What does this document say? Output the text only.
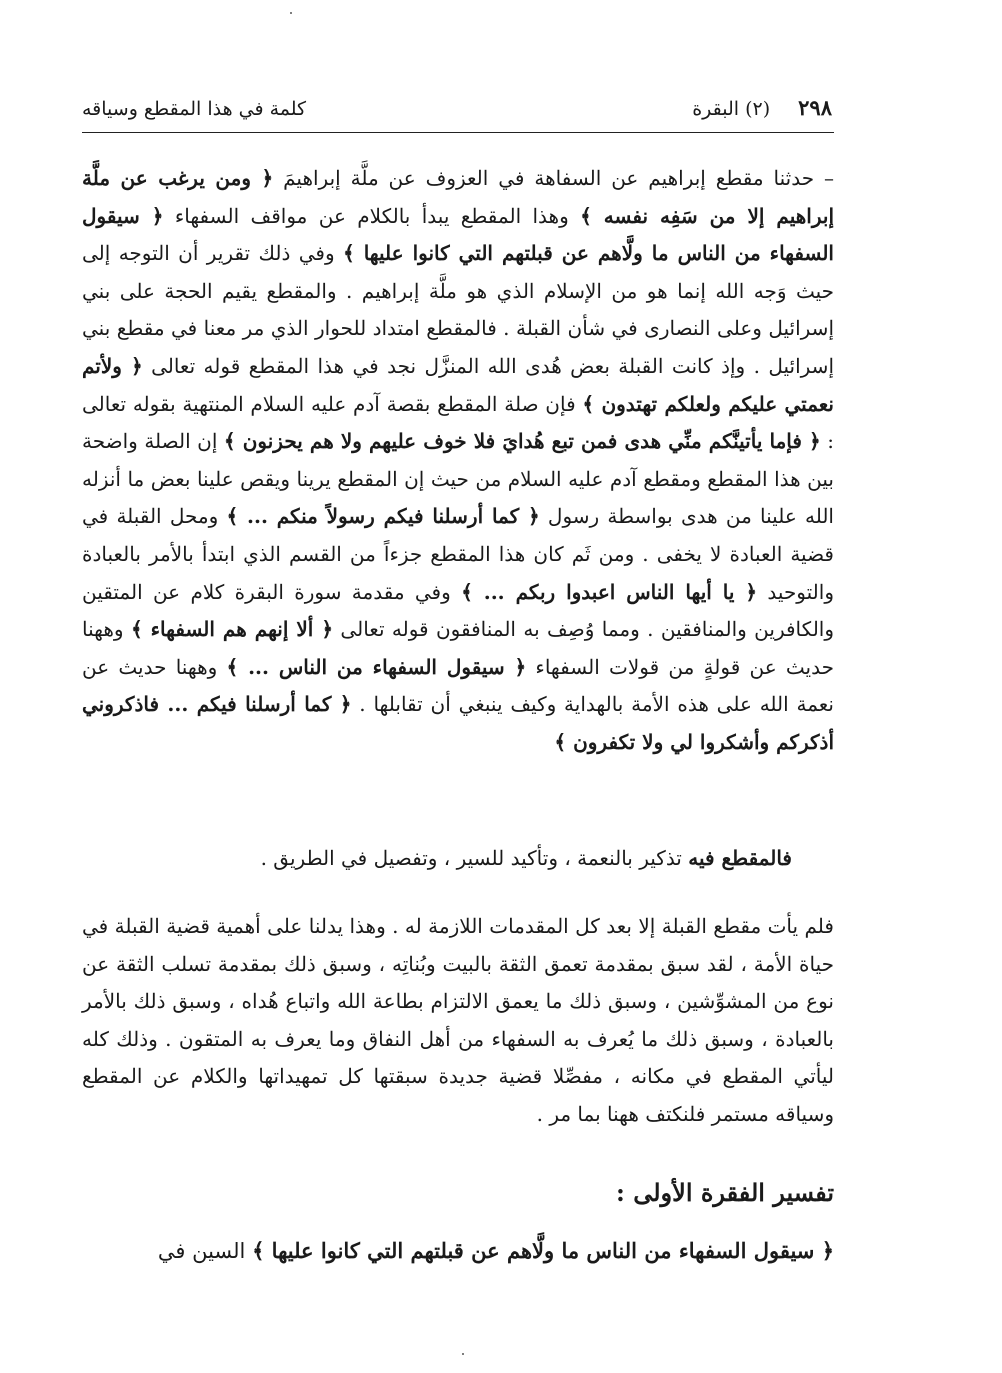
٢٩٨
(٢) البقرة
كلمة في هذا المقطع وسياقه

– حدثنا مقطع إبراهيم عن السفاهة في العزوف عن ملَّة إبراهيمَ ﴿ ومن يرغب عن ملَّة إبراهيم إلا من سَفِه نفسه ﴾ وهذا المقطع يبدأ بالكلام عن مواقف السفهاء ﴿ سيقول السفهاء من الناس ما ولَّاهم عن قبلتهم التي كانوا عليها ﴾ وفي ذلك تقرير أن التوجه إلى حيث وَجه الله إنما هو من الإسلام الذي هو ملَّة إبراهيم . والمقطع يقيم الحجة على بني إسرائيل وعلى النصارى في شأن القبلة . فالمقطع امتداد للحوار الذي مر معنا في مقطع بني إسرائيل . وإذ كانت القبلة بعض هُدى الله المنزَّل نجد في هذا المقطع قوله تعالى ﴿ ولأتم نعمتي عليكم ولعلكم تهتدون ﴾ فإن صلة المقطع بقصة آدم عليه السلام المنتهية بقوله تعالى : ﴿ فإما يأتينَّكم منِّي هدى فمن تبع هُدايَ فلا خوف عليهم ولا هم يحزنون ﴾ إن الصلة واضحة بين هذا المقطع ومقطع آدم عليه السلام من حيث إن المقطع يرينا ويقص علينا بعض ما أنزله الله علينا من هدى بواسطة رسول ﴿ كما أرسلنا فيكم رسولاً منكم ... ﴾ ومحل القبلة في قضية العبادة لا يخفى . ومن ثَم كان هذا المقطع جزءاً من القسم الذي ابتدأ بالأمر بالعبادة والتوحيد ﴿ يا أيها الناس اعبدوا ربكم ... ﴾ وفي مقدمة سورة البقرة كلام عن المتقين والكافرين والمنافقين . ومما وُصِف به المنافقون قوله تعالى ﴿ ألا إنهم هم السفهاء ﴾ وههنا حديث عن قولةٍ من قولات السفهاء ﴿ سيقول السفهاء من الناس ... ﴾ وههنا حديث عن نعمة الله على هذه الأمة بالهداية وكيف ينبغي أن تقابلها . ﴿ كما أرسلنا فيكم ... فاذكروني أذكركم وأشكروا لي ولا تكفرون ﴾

فالمقطع فيه تذكير بالنعمة ، وتأكيد للسير ، وتفصيل في الطريق .

فلم يأت مقطع القبلة إلا بعد كل المقدمات اللازمة له . وهذا يدلنا على أهمية قضية القبلة في حياة الأمة ، لقد سبق بمقدمة تعمق الثقة بالبيت وبُناتِه ، وسبق ذلك بمقدمة تسلب الثقة عن نوع من المشوِّشين ، وسبق ذلك ما يعمق الالتزام بطاعة الله واتباع هُداه ، وسبق ذلك بالأمر بالعبادة ، وسبق ذلك ما يُعرف به السفهاء من أهل النفاق وما يعرف به المتقون . وذلك كله ليأتي المقطع في مكانه ، مفصِّلا قضية جديدة سبقتها كل تمهيداتها والكلام عن المقطع وسياقه مستمر فلنكتف ههنا بما مر .

تفسير الفقرة الأولى :

﴿ سيقول السفهاء من الناس ما ولَّاهم عن قبلتهم التي كانوا عليها ﴾ السين في
